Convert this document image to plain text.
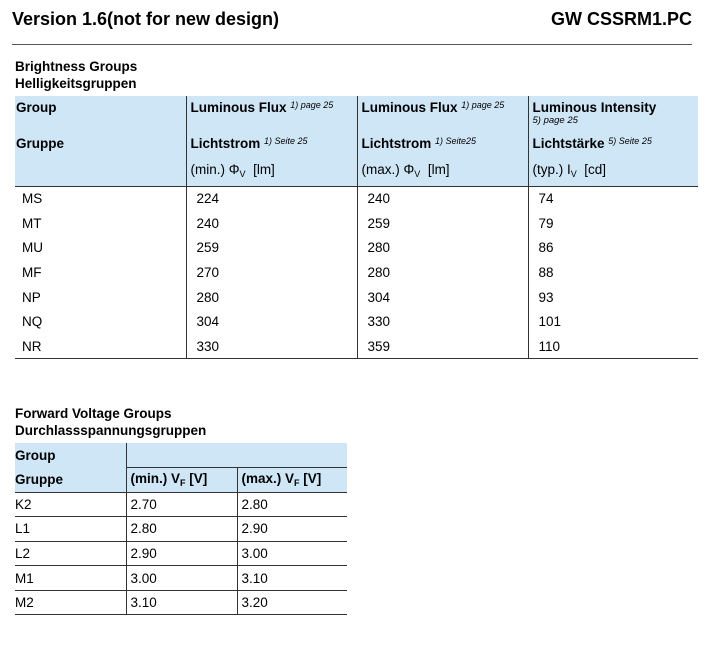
Version 1.6(not for new design)	GW CSSRM1.PC
Brightness Groups
Helligkeitsgruppen
Group	Luminous Flux $^{1) page 25}$	Luminous Flux $^{1) page 25}$	Luminous Intensity
5) page 25

Gruppe	Lichtstrom $^{1) Seite 25}$	Lichtstrom $^{1) Seite25}$	Lichtstärke $^{5) Seite 25}$
	(min.) $\Phi_V$ [lm]	(max.) $\Phi_V$ [lm]	(typ.) $I_V$ [cd]
MS	224	240	74
MT	240	259	79
MU	259	280	86
MF	270	280	88
NP	280	304	93
NQ	304	330	101
NR	330	359	110
Forward Voltage Groups
Durchlassspannungsgruppen
Group		
Gruppe	(min.) $V_F$ [V]	(max.) $V_F$ [V]
K2	2.70	2.80
L1	2.80	2.90
L2	2.90	3.00
M1	3.00	3.10
M2	3.10	3.20
